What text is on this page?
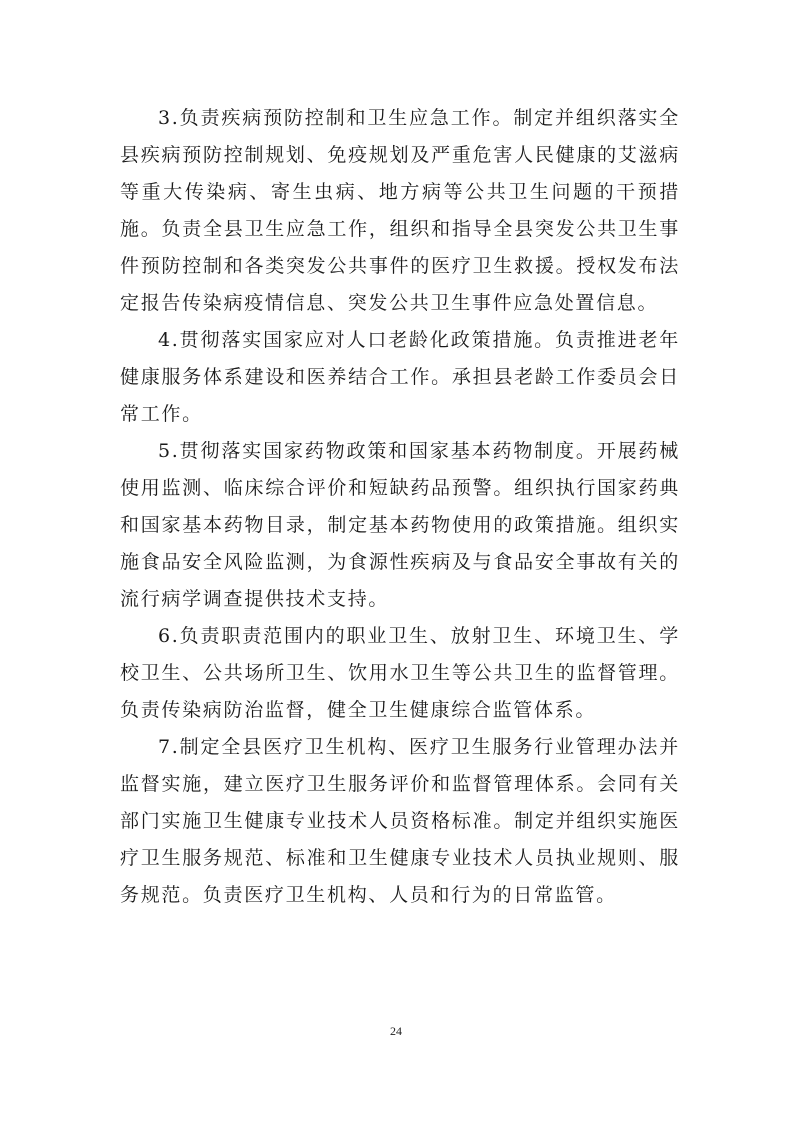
3.负责疾病预防控制和卫生应急工作。制定并组织落实全县疾病预防控制规划、免疫规划及严重危害人民健康的艾滋病等重大传染病、寄生虫病、地方病等公共卫生问题的干预措施。负责全县卫生应急工作，组织和指导全县突发公共卫生事件预防控制和各类突发公共事件的医疗卫生救援。授权发布法定报告传染病疫情信息、突发公共卫生事件应急处置信息。

4.贯彻落实国家应对人口老龄化政策措施。负责推进老年健康服务体系建设和医养结合工作。承担县老龄工作委员会日常工作。

5.贯彻落实国家药物政策和国家基本药物制度。开展药械使用监测、临床综合评价和短缺药品预警。组织执行国家药典和国家基本药物目录，制定基本药物使用的政策措施。组织实施食品安全风险监测，为食源性疾病及与食品安全事故有关的流行病学调查提供技术支持。

6.负责职责范围内的职业卫生、放射卫生、环境卫生、学校卫生、公共场所卫生、饮用水卫生等公共卫生的监督管理。负责传染病防治监督，健全卫生健康综合监管体系。

7.制定全县医疗卫生机构、医疗卫生服务行业管理办法并监督实施，建立医疗卫生服务评价和监督管理体系。会同有关部门实施卫生健康专业技术人员资格标准。制定并组织实施医疗卫生服务规范、标准和卫生健康专业技术人员执业规则、服务规范。负责医疗卫生机构、人员和行为的日常监管。

24
